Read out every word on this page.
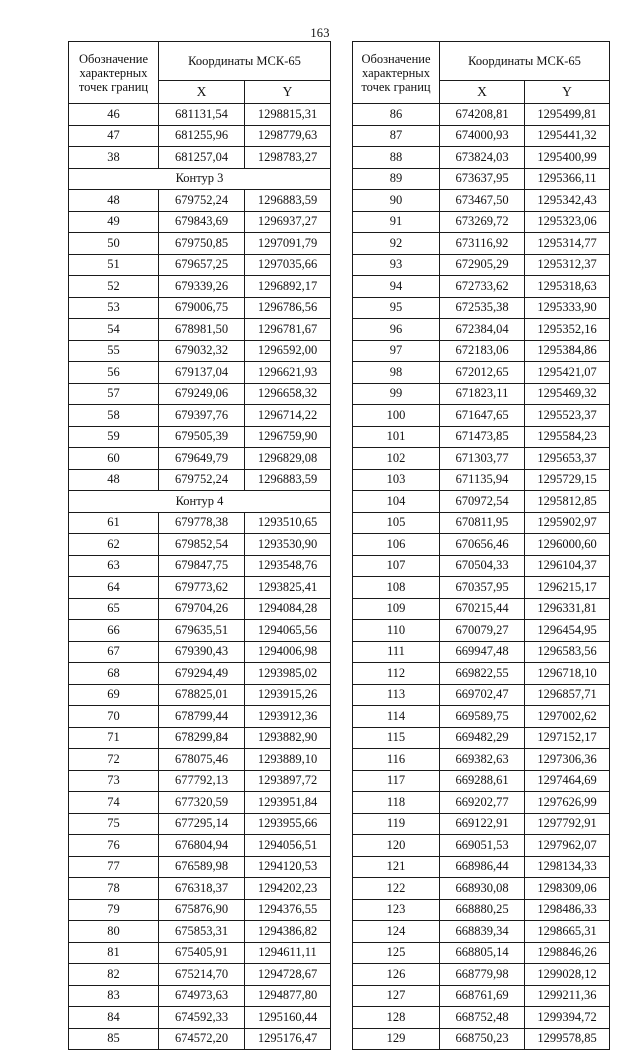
163
Обозначение характерных точек границ	Координаты МСК-65	
	X	Y
46	681131,54	1298815,31
47	681255,96	1298779,63
38	681257,04	1298783,27
Контур 3		
48	679752,24	1296883,59
49	679843,69	1296937,27
50	679750,85	1297091,79
51	679657,25	1297035,66
52	679339,26	1296892,17
53	679006,75	1296786,56
54	678981,50	1296781,67
55	679032,32	1296592,00
56	679137,04	1296621,93
57	679249,06	1296658,32
58	679397,76	1296714,22
59	679505,39	1296759,90
60	679649,79	1296829,08
48	679752,24	1296883,59
Контур 4		
61	679778,38	1293510,65
62	679852,54	1293530,90
63	679847,75	1293548,76
64	679773,62	1293825,41
65	679704,26	1294084,28
66	679635,51	1294065,56
67	679390,43	1294006,98
68	679294,49	1293985,02
69	678825,01	1293915,26
70	678799,44	1293912,36
71	678299,84	1293882,90
72	678075,46	1293889,10
73	677792,13	1293897,72
74	677320,59	1293951,84
75	677295,14	1293955,66
76	676804,94	1294056,51
77	676589,98	1294120,53
78	676318,37	1294202,23
79	675876,90	1294376,55
80	675853,31	1294386,82
81	675405,91	1294611,11
82	675214,70	1294728,67
83	674973,63	1294877,80
84	674592,33	1295160,44
85	674572,20	1295176,47
Обозначение характерных точек границ	Координаты МСК-65	
	X	Y
86	674208,81	1295499,81
87	674000,93	1295441,32
88	673824,03	1295400,99
89	673637,95	1295366,11
90	673467,50	1295342,43
91	673269,72	1295323,06
92	673116,92	1295314,77
93	672905,29	1295312,37
94	672733,62	1295318,63
95	672535,38	1295333,90
96	672384,04	1295352,16
97	672183,06	1295384,86
98	672012,65	1295421,07
99	671823,11	1295469,32
100	671647,65	1295523,37
101	671473,85	1295584,23
102	671303,77	1295653,37
103	671135,94	1295729,15
104	670972,54	1295812,85
105	670811,95	1295902,97
106	670656,46	1296000,60
107	670504,33	1296104,37
108	670357,95	1296215,17
109	670215,44	1296331,81
110	670079,27	1296454,95
111	669947,48	1296583,56
112	669822,55	1296718,10
113	669702,47	1296857,71
114	669589,75	1297002,62
115	669482,29	1297152,17
116	669382,63	1297306,36
117	669288,61	1297464,69
118	669202,77	1297626,99
119	669122,91	1297792,91
120	669051,53	1297962,07
121	668986,44	1298134,33
122	668930,08	1298309,06
123	668880,25	1298486,33
124	668839,34	1298665,31
125	668805,14	1298846,26
126	668779,98	1299028,12
127	668761,69	1299211,36
128	668752,48	1299394,72
129	668750,23	1299578,85
